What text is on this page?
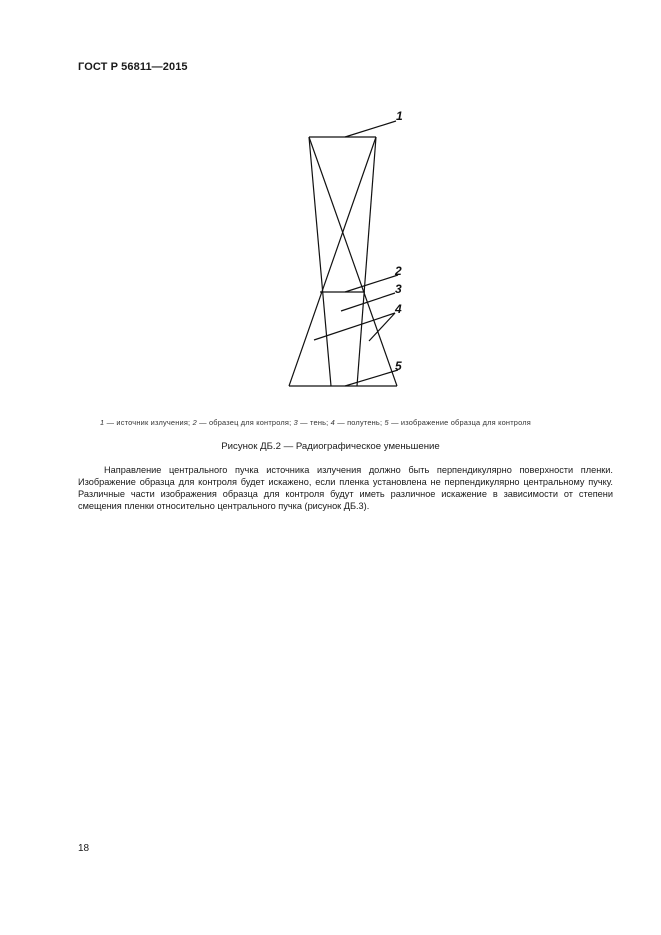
ГОСТ Р 56811—2015
1
2
3
4
5
1 — источник излучения; 2 — образец для контроля; 3 — тень; 4 — полутень; 5 — изображение образца для контроля
Рисунок ДБ.2 — Радиографическое уменьшение

Направление центрального пучка источника излучения должно быть перпендикулярно поверхности пленки. Изображение образца для контроля будет искажено, если пленка установлена не перпендикулярно центральному пучку. Различные части изображения образца для контроля будут иметь различное искажение в зависимости от степени смещения пленки относительно центрального пучка (рисунок ДБ.3).

18
